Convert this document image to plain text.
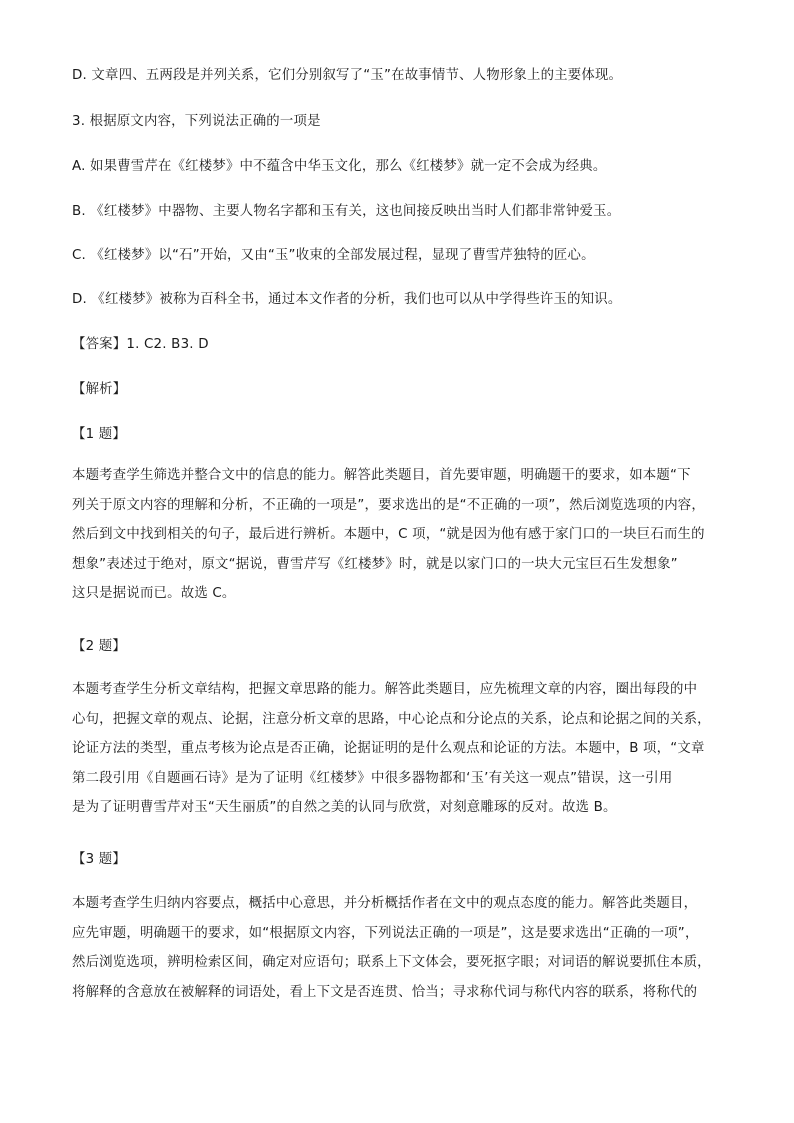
D. 文章四、五两段是并列关系，它们分别叙写了“玉”在故事情节、人物形象上的主要体现。
3. 根据原文内容，下列说法正确的一项是
A. 如果曹雪芹在《红楼梦》中不蕴含中华玉文化，那么《红楼梦》就一定不会成为经典。
B. 《红楼梦》中器物、主要人物名字都和玉有关，这也间接反映出当时人们都非常钟爱玉。
C. 《红楼梦》以“石”开始，又由“玉”收束的全部发展过程，显现了曹雪芹独特的匠心。
D. 《红楼梦》被称为百科全书，通过本文作者的分析，我们也可以从中学得些许玉的知识。
【答案】1. C2. B3. D
【解析】
【1 题】
本题考查学生筛选并整合文中的信息的能力。解答此类题目，首先要审题，明确题干的要求，如本题“下
列关于原文内容的理解和分析，不正确的一项是”，要求选出的是“不正确的一项”，然后浏览选项的内容，
然后到文中找到相关的句子，最后进行辨析。本题中，C 项，“就是因为他有感于家门口的一块巨石而生的
想象”表述过于绝对，原文“据说，曹雪芹写《红楼梦》时，就是以家门口的一块大元宝巨石生发想象”
这只是据说而已。故选 C。
【2 题】
本题考查学生分析文章结构，把握文章思路的能力。解答此类题目，应先梳理文章的内容，圈出每段的中
心句，把握文章的观点、论据，注意分析文章的思路，中心论点和分论点的关系，论点和论据之间的关系，
论证方法的类型，重点考核为论点是否正确，论据证明的是什么观点和论证的方法。本题中，B 项，“文章
第二段引用《自题画石诗》是为了证明《红楼梦》中很多器物都和‘玉’有关这一观点”错误，这一引用
是为了证明曹雪芹对玉“天生丽质”的自然之美的认同与欣赏，对刻意雕琢的反对。故选 B。
【3 题】
本题考查学生归纳内容要点，概括中心意思，并分析概括作者在文中的观点态度的能力。解答此类题目，
应先审题，明确题干的要求，如“根据原文内容，下列说法正确的一项是”，这是要求选出“正确的一项”，
然后浏览选项，辨明检索区间，确定对应语句；联系上下文体会，要死抠字眼；对词语的解说要抓住本质，
将解释的含意放在被解释的词语处，看上下文是否连贯、恰当；寻求称代词与称代内容的联系，将称代的
